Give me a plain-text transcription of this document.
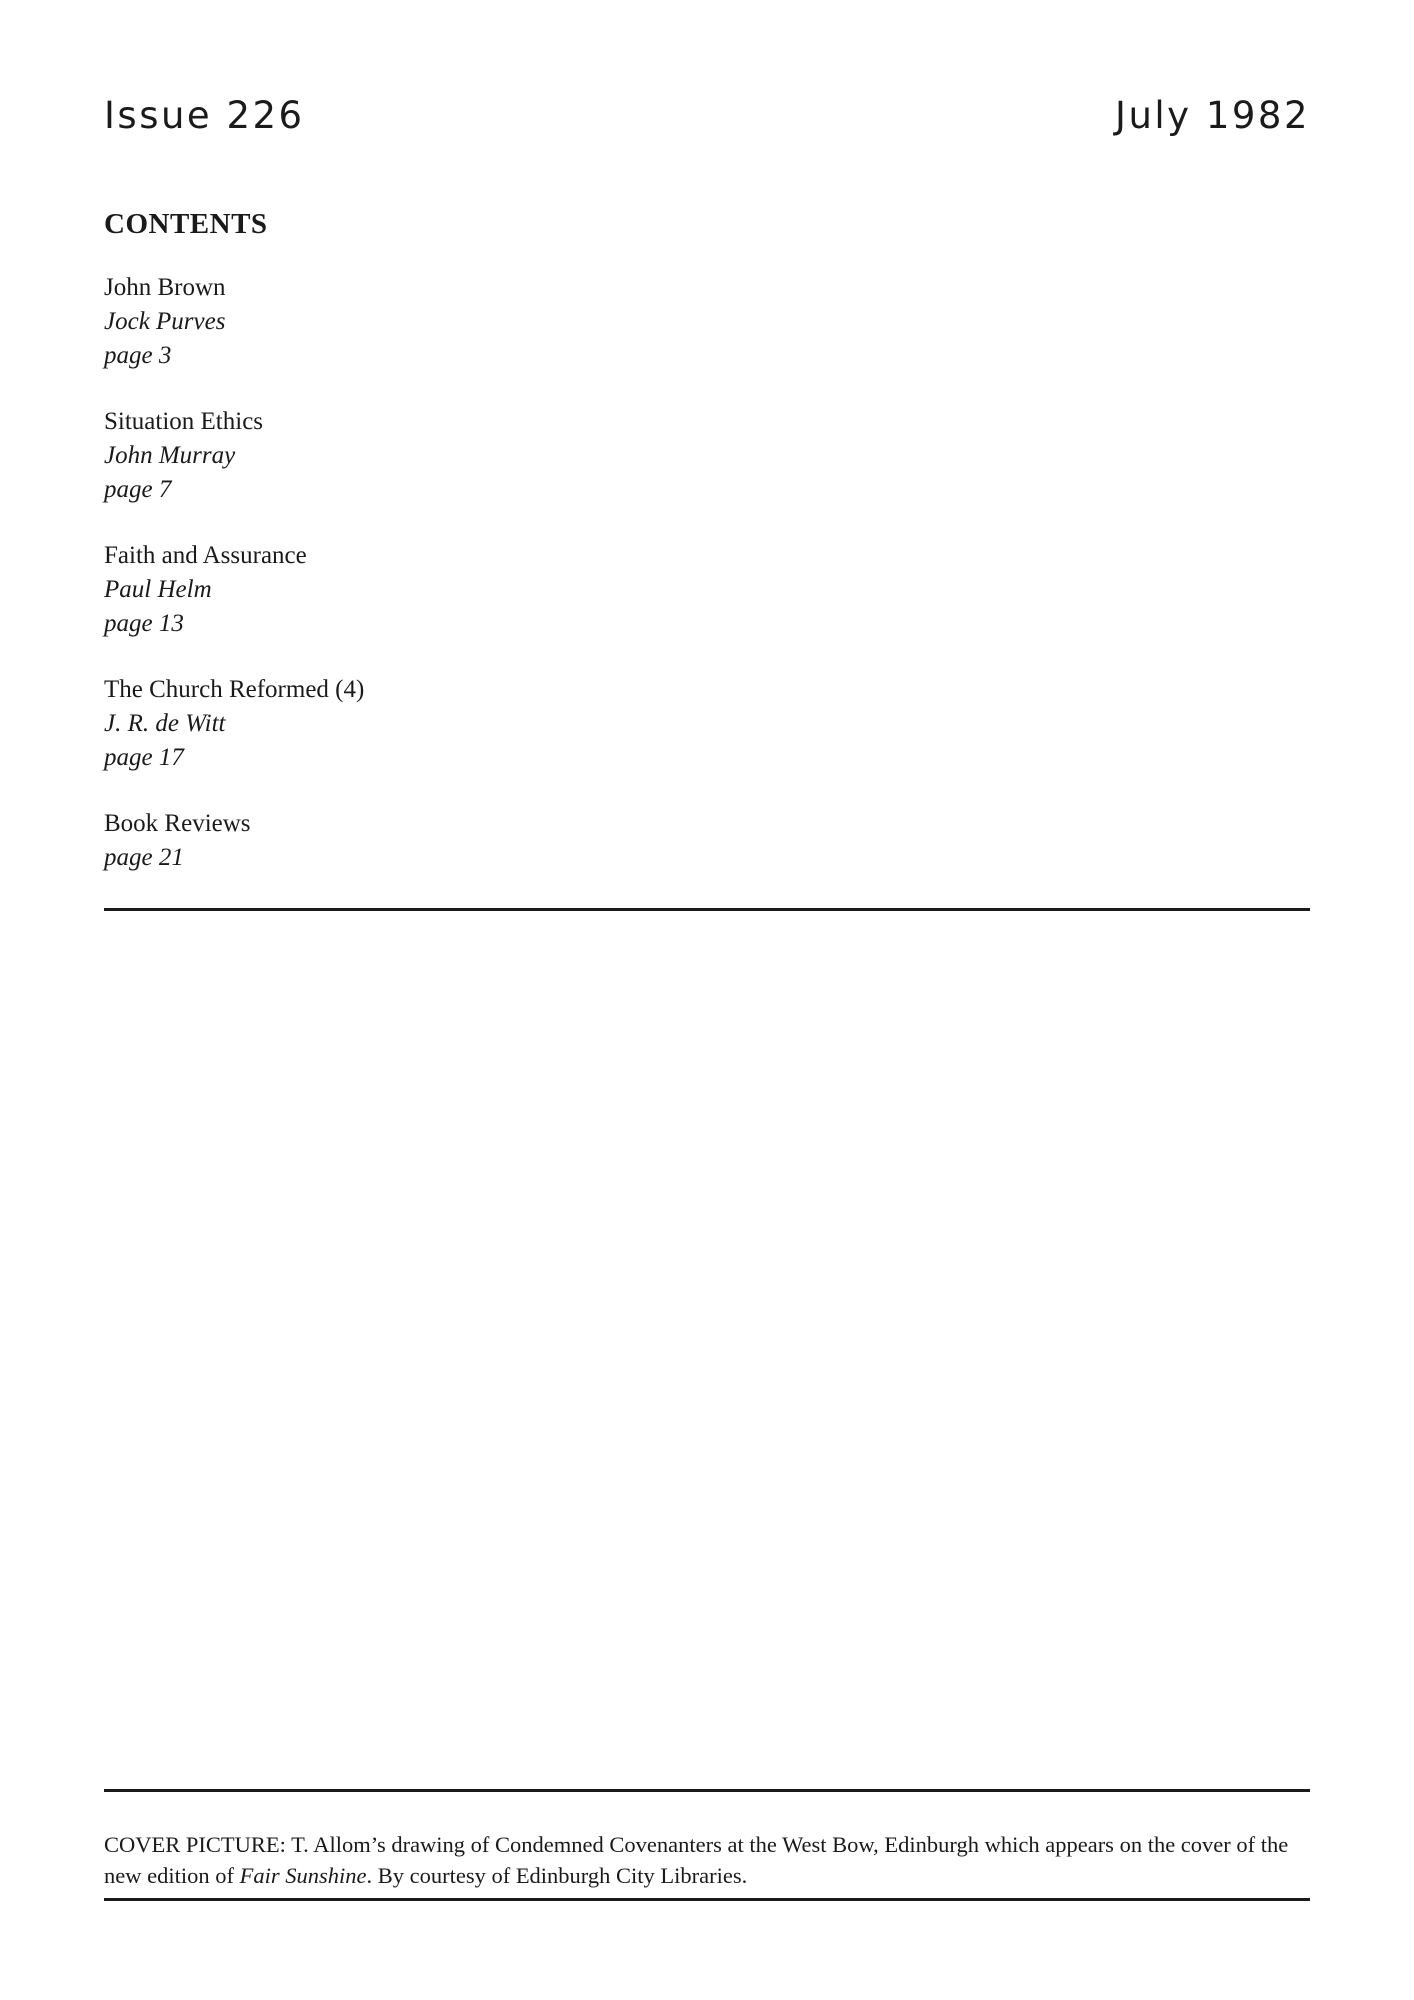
Issue 226	July 1982
CONTENTS

John Brown

Jock Purves

page 3

Situation Ethics

John Murray

page 7

Faith and Assurance

Paul Helm

page 13

The Church Reformed (4)

J. R. de Witt

page 17

Book Reviews

page 21

COVER PICTURE: T. Allom’s drawing of Condemned Covenanters at the West Bow, Edinburgh which appears on the cover of the new edition of Fair Sunshine. By courtesy of Edinburgh City Libraries.
